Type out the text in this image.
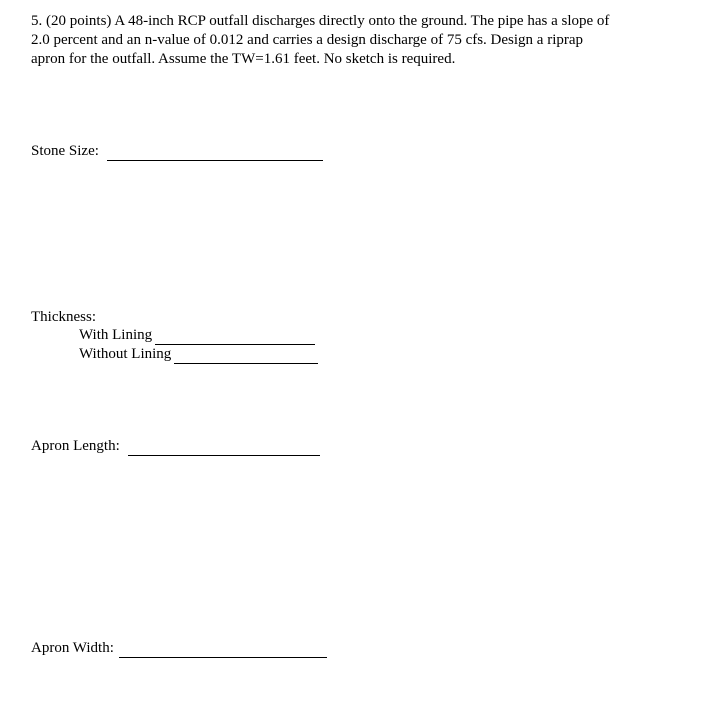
5. (20 points) A 48-inch RCP outfall discharges directly onto the ground. The pipe has a slope of
2.0 percent and an n-value of 0.012 and carries a design discharge of 75 cfs. Design a riprap
apron for the outfall. Assume the TW=1.61 feet. No sketch is required.
Stone Size:
Thickness:
With Lining
Without Lining
Apron Length:
Apron Width:
